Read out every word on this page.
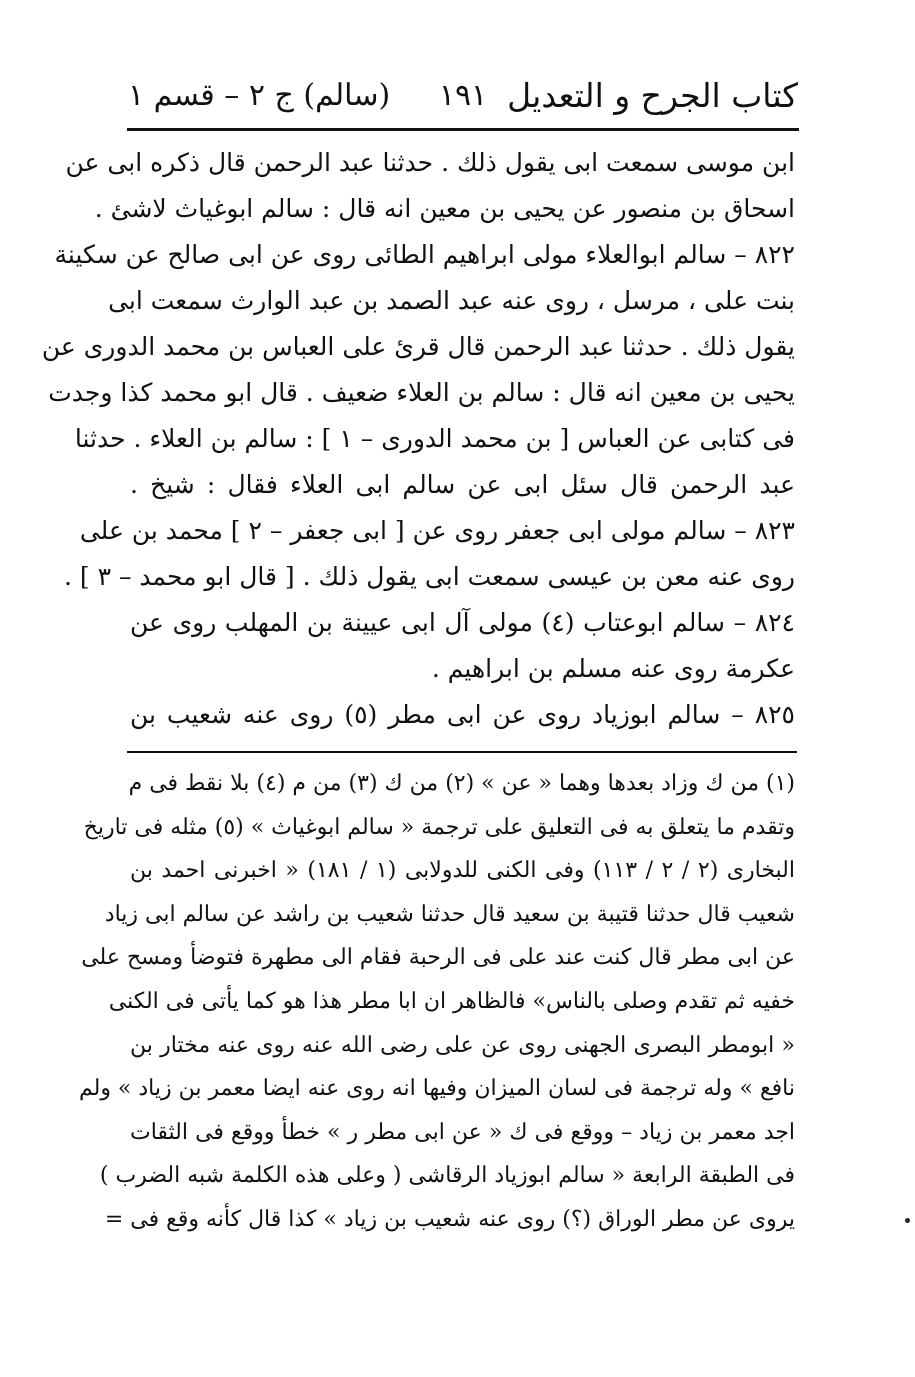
كتاب الجرح و التعديل
١٩١
(سالم) ج ٢ – قسم ١
ابن موسى سمعت ابى يقول ذلك . حدثنا عبد الرحمن قال ذكره ابى عن
اسحاق بن منصور عن يحيى بن معين انه قال : سالم ابوغياث لاشئ .
٨٢٢ – سالم ابوالعلاء مولى ابراهيم الطائى روى عن ابى صالح عن سكينة
بنت على ، مرسل ، روى عنه عبد الصمد بن عبد الوارث سمعت ابى
يقول ذلك . حدثنا عبد الرحمن قال قرئ على العباس بن محمد الدورى عن
يحيى بن معين انه قال : سالم بن العلاء ضعيف . قال ابو محمد كذا وجدت
فى كتابى عن العباس [ بن محمد الدورى – ١ ] : سالم بن العلاء . حدثنا
عبد الرحمن قال سئل ابى عن سالم ابى العلاء فقال : شيخ .
٨٢٣ – سالم مولى ابى جعفر روى عن [ ابى جعفر – ٢ ] محمد بن على
روى عنه معن بن عيسى سمعت ابى يقول ذلك . [ قال ابو محمد – ٣ ] .
٨٢٤ – سالم ابوعتاب (٤) مولى آل ابى عيينة بن المهلب روى عن
عكرمة روى عنه مسلم بن ابراهيم .
٨٢٥ – سالم ابوزياد روى عن ابى مطر (٥) روى عنه شعيب بن
(١) من ك وزاد بعدها وهما « عن » (٢) من ك (٣) من م (٤) بلا نقط فى م
وتقدم ما يتعلق به فى التعليق على ترجمة « سالم ابوغياث » (٥) مثله فى تاريخ
البخارى (٢ / ٢ / ١١٣) وفى الكنى للدولابى (١ / ١٨١) « اخبرنى احمد بن
شعيب قال حدثنا قتيبة بن سعيد قال حدثنا شعيب بن راشد عن سالم ابى زياد
عن ابى مطر قال كنت عند على فى الرحبة فقام الى مطهرة فتوضأ ومسح على
خفيه ثم تقدم وصلى بالناس» فالظاهر ان ابا مطر هذا هو كما يأتى فى الكنى
« ابومطر البصرى الجهنى روى عن على رضى الله عنه روى عنه مختار بن
نافع » وله ترجمة فى لسان الميزان وفيها انه روى عنه ايضا معمر بن زياد » ولم
اجد معمر بن زياد – ووقع فى ك « عن ابى مطر ر » خطأ ووقع فى الثقات
فى الطبقة الرابعة « سالم ابوزياد الرقاشى ( وعلى هذه الكلمة شبه الضرب )
يروى عن مطر الوراق (؟) روى عنه شعيب بن زياد » كذا قال كأنه وقع فى =
